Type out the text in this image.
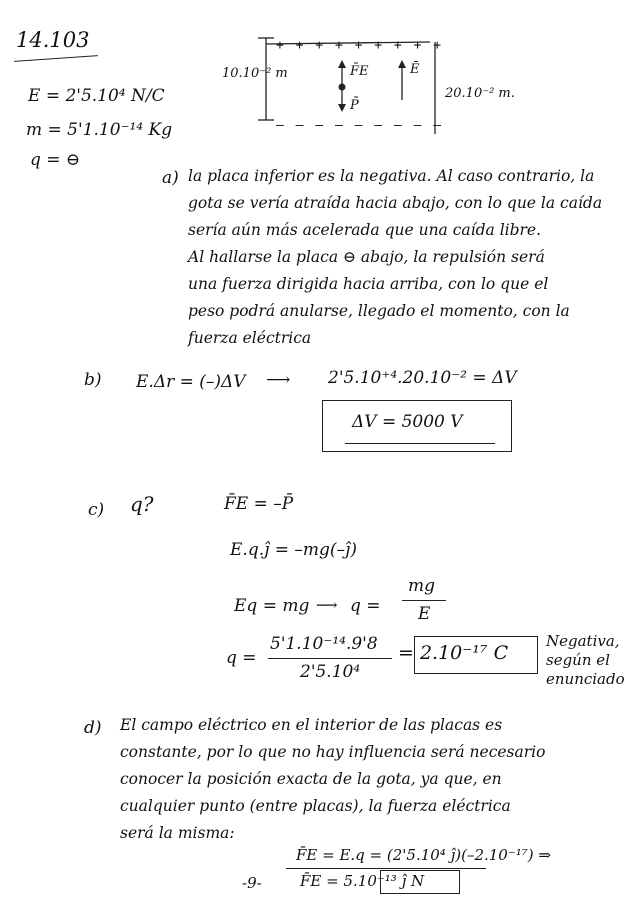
14.103
E = 2'5.10⁴ N/C
m = 5'1.10⁻¹⁴ Kg
q = ⊖
+ + + + + + + + +
– – – – – – – – –
10.10⁻² m
20.10⁻² m.
F̄E	Ē
P̄
a) la placa inferior es la negativa. Al caso contrario, la

gota se vería atraída hacia abajo, con lo que la caída

sería aún más acelerada que una caída libre.

Al hallarse la placa ⊖ abajo, la repulsión será

una fuerza dirigida hacia arriba, con lo que el

peso podrá anularse, llegado el momento, con la

fuerza eléctrica

b) E.Δr = (–)ΔV ⟶ 2'5.10⁺⁴.20.10⁻² = ΔV
ΔV = 5000 V
c) q?	F̄E = –P̄
E.q.ĵ = –mg(–ĵ)
Eq = mg ⟶ q =
mg
E
q =
5'1.10⁻¹⁴.9'8
2'5.10⁴
= 2.10⁻¹⁷ C
Negativa,
según el
enunciado
d) El campo eléctrico en el interior de las placas es

constante, por lo que no hay influencia será necesario

conocer la posición exacta de la gota, ya que, en

cualquier punto (entre placas), la fuerza eléctrica

será la misma:

F̄E = E.q = (2'5.10⁴ ĵ)(–2.10⁻¹⁷) ⇒
F̄E = 5.10⁻¹³ ĵ N
-9-
